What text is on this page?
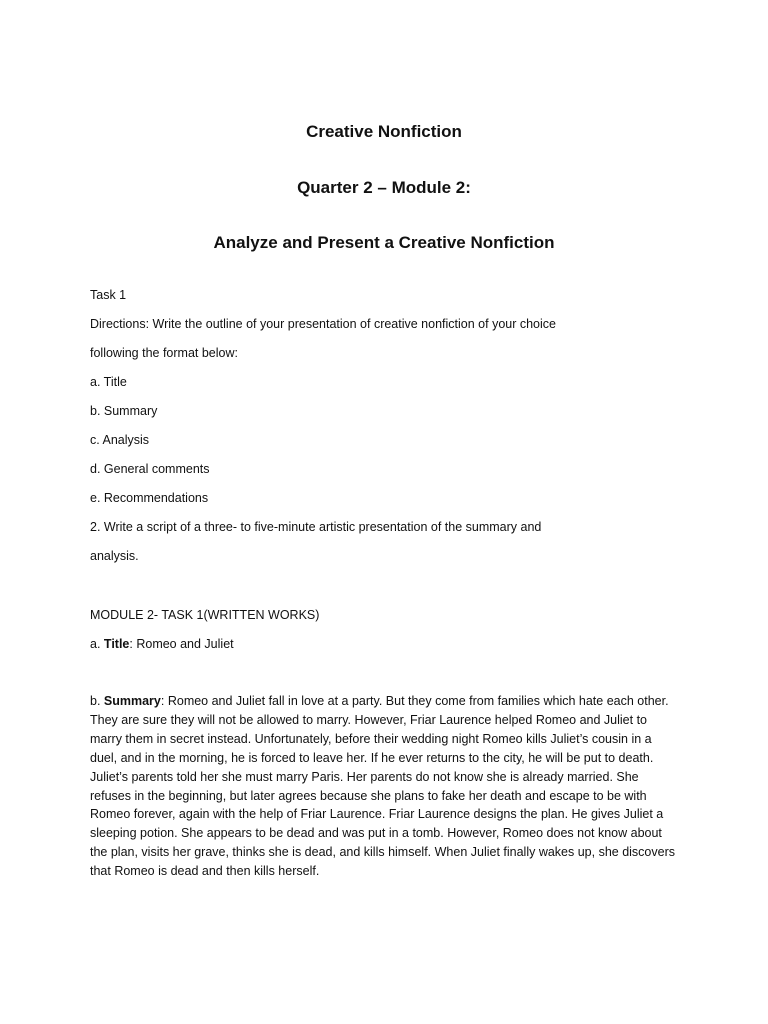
Creative Nonfiction
Quarter 2 – Module 2:
Analyze and Present a Creative Nonfiction
Task 1
Directions: Write the outline of your presentation of creative nonfiction of your choice
following the format below:
a. Title
b. Summary
c. Analysis
d. General comments
e. Recommendations
2. Write a script of a three- to five-minute artistic presentation of the summary and
analysis.
MODULE 2- TASK 1(WRITTEN WORKS)
a. Title: Romeo and Juliet
b. Summary: Romeo and Juliet fall in love at a party. But they come from families which hate each other.
They are sure they will not be allowed to marry. However, Friar Laurence helped Romeo and Juliet to
marry them in secret instead. Unfortunately, before their wedding night Romeo kills Juliet’s cousin in a
duel, and in the morning, he is forced to leave her. If he ever returns to the city, he will be put to death.
Juliet’s parents told her she must marry Paris. Her parents do not know she is already married. She
refuses in the beginning, but later agrees because she plans to fake her death and escape to be with
Romeo forever, again with the help of Friar Laurence. Friar Laurence designs the plan. He gives Juliet a
sleeping potion. She appears to be dead and was put in a tomb. However, Romeo does not know about
the plan, visits her grave, thinks she is dead, and kills himself. When Juliet finally wakes up, she discovers
that Romeo is dead and then kills herself.
